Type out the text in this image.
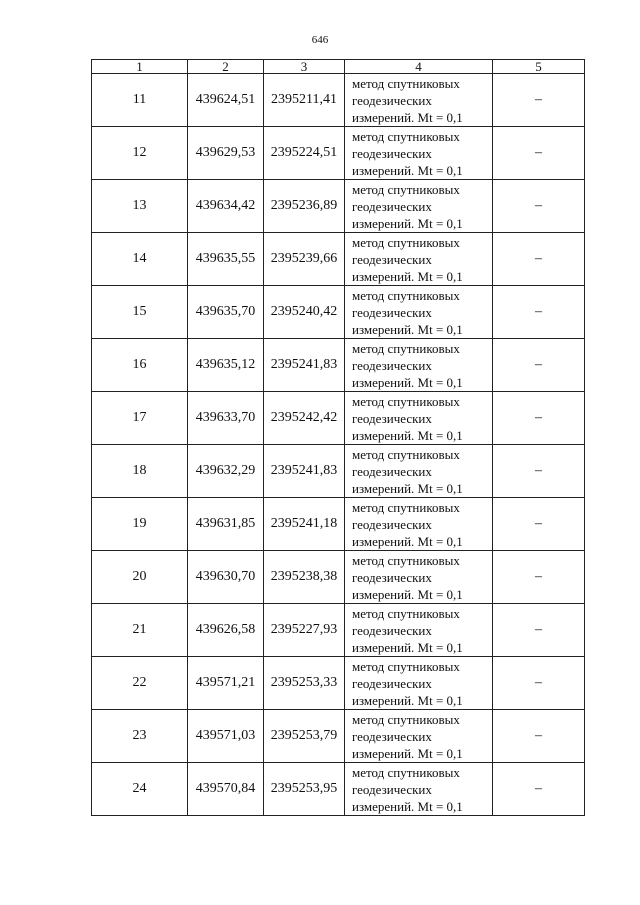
646
1	2	3	4	5
11	439624,51	2395211,41	метод спутниковых
геодезических
измерений. Mt = 0,1	–
12	439629,53	2395224,51	метод спутниковых
геодезических
измерений. Mt = 0,1	–
13	439634,42	2395236,89	метод спутниковых
геодезических
измерений. Mt = 0,1	–
14	439635,55	2395239,66	метод спутниковых
геодезических
измерений. Mt = 0,1	–
15	439635,70	2395240,42	метод спутниковых
геодезических
измерений. Mt = 0,1	–
16	439635,12	2395241,83	метод спутниковых
геодезических
измерений. Mt = 0,1	–
17	439633,70	2395242,42	метод спутниковых
геодезических
измерений. Mt = 0,1	–
18	439632,29	2395241,83	метод спутниковых
геодезических
измерений. Mt = 0,1	–
19	439631,85	2395241,18	метод спутниковых
геодезических
измерений. Mt = 0,1	–
20	439630,70	2395238,38	метод спутниковых
геодезических
измерений. Mt = 0,1	–
21	439626,58	2395227,93	метод спутниковых
геодезических
измерений. Mt = 0,1	–
22	439571,21	2395253,33	метод спутниковых
геодезических
измерений. Mt = 0,1	–
23	439571,03	2395253,79	метод спутниковых
геодезических
измерений. Mt = 0,1	–
24	439570,84	2395253,95	метод спутниковых
геодезических
измерений. Mt = 0,1	–
